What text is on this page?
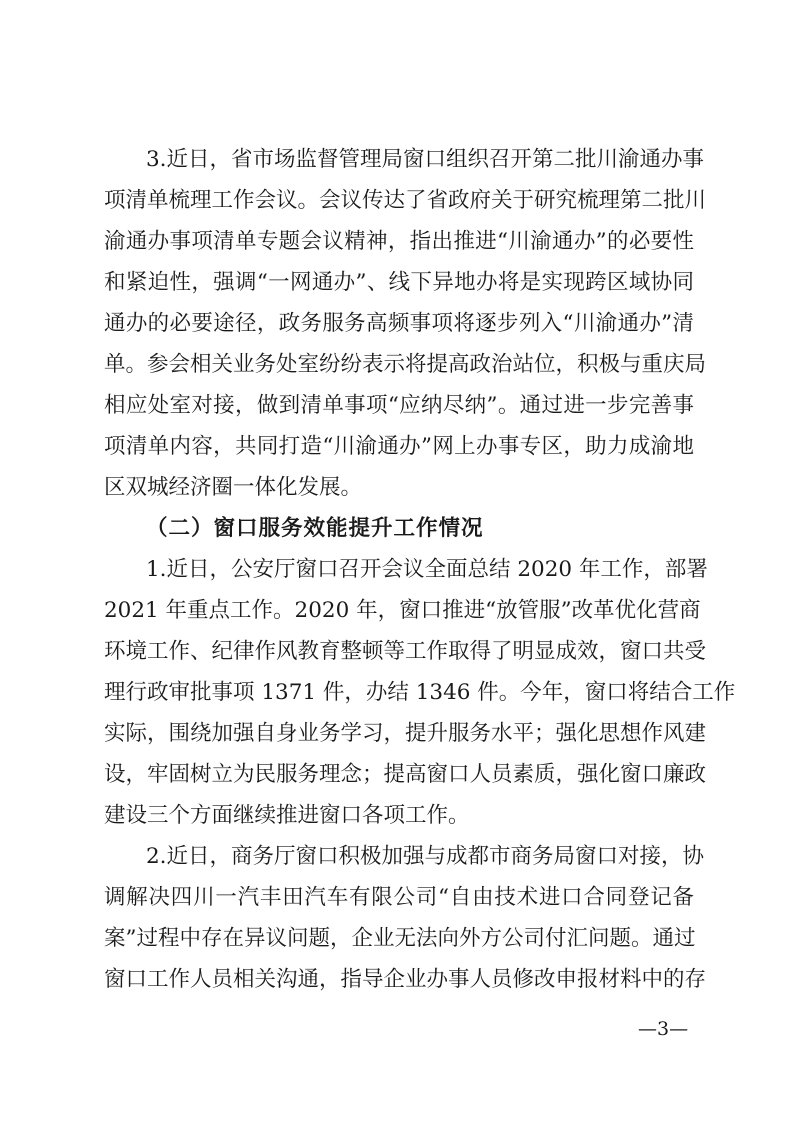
3.近日，省市场监督管理局窗口组织召开第二批川渝通办事
项清单梳理工作会议。会议传达了省政府关于研究梳理第二批川
渝通办事项清单专题会议精神，指出推进“川渝通办”的必要性
和紧迫性，强调“一网通办”、线下异地办将是实现跨区域协同
通办的必要途径，政务服务高频事项将逐步列入“川渝通办”清
单。参会相关业务处室纷纷表示将提高政治站位，积极与重庆局
相应处室对接，做到清单事项“应纳尽纳”。通过进一步完善事
项清单内容，共同打造“川渝通办”网上办事专区，助力成渝地
区双城经济圈一体化发展。
（二）窗口服务效能提升工作情况
1.近日，公安厅窗口召开会议全面总结 2020 年工作，部署
2021 年重点工作。2020 年，窗口推进“放管服”改革优化营商
环境工作、纪律作风教育整顿等工作取得了明显成效，窗口共受
理行政审批事项 1371 件，办结 1346 件。今年，窗口将结合工作
实际，围绕加强自身业务学习，提升服务水平；强化思想作风建
设，牢固树立为民服务理念；提高窗口人员素质，强化窗口廉政
建设三个方面继续推进窗口各项工作。
2.近日，商务厅窗口积极加强与成都市商务局窗口对接，协
调解决四川一汽丰田汽车有限公司“自由技术进口合同登记备
案”过程中存在异议问题，企业无法向外方公司付汇问题。通过
窗口工作人员相关沟通，指导企业办事人员修改申报材料中的存
—3—
